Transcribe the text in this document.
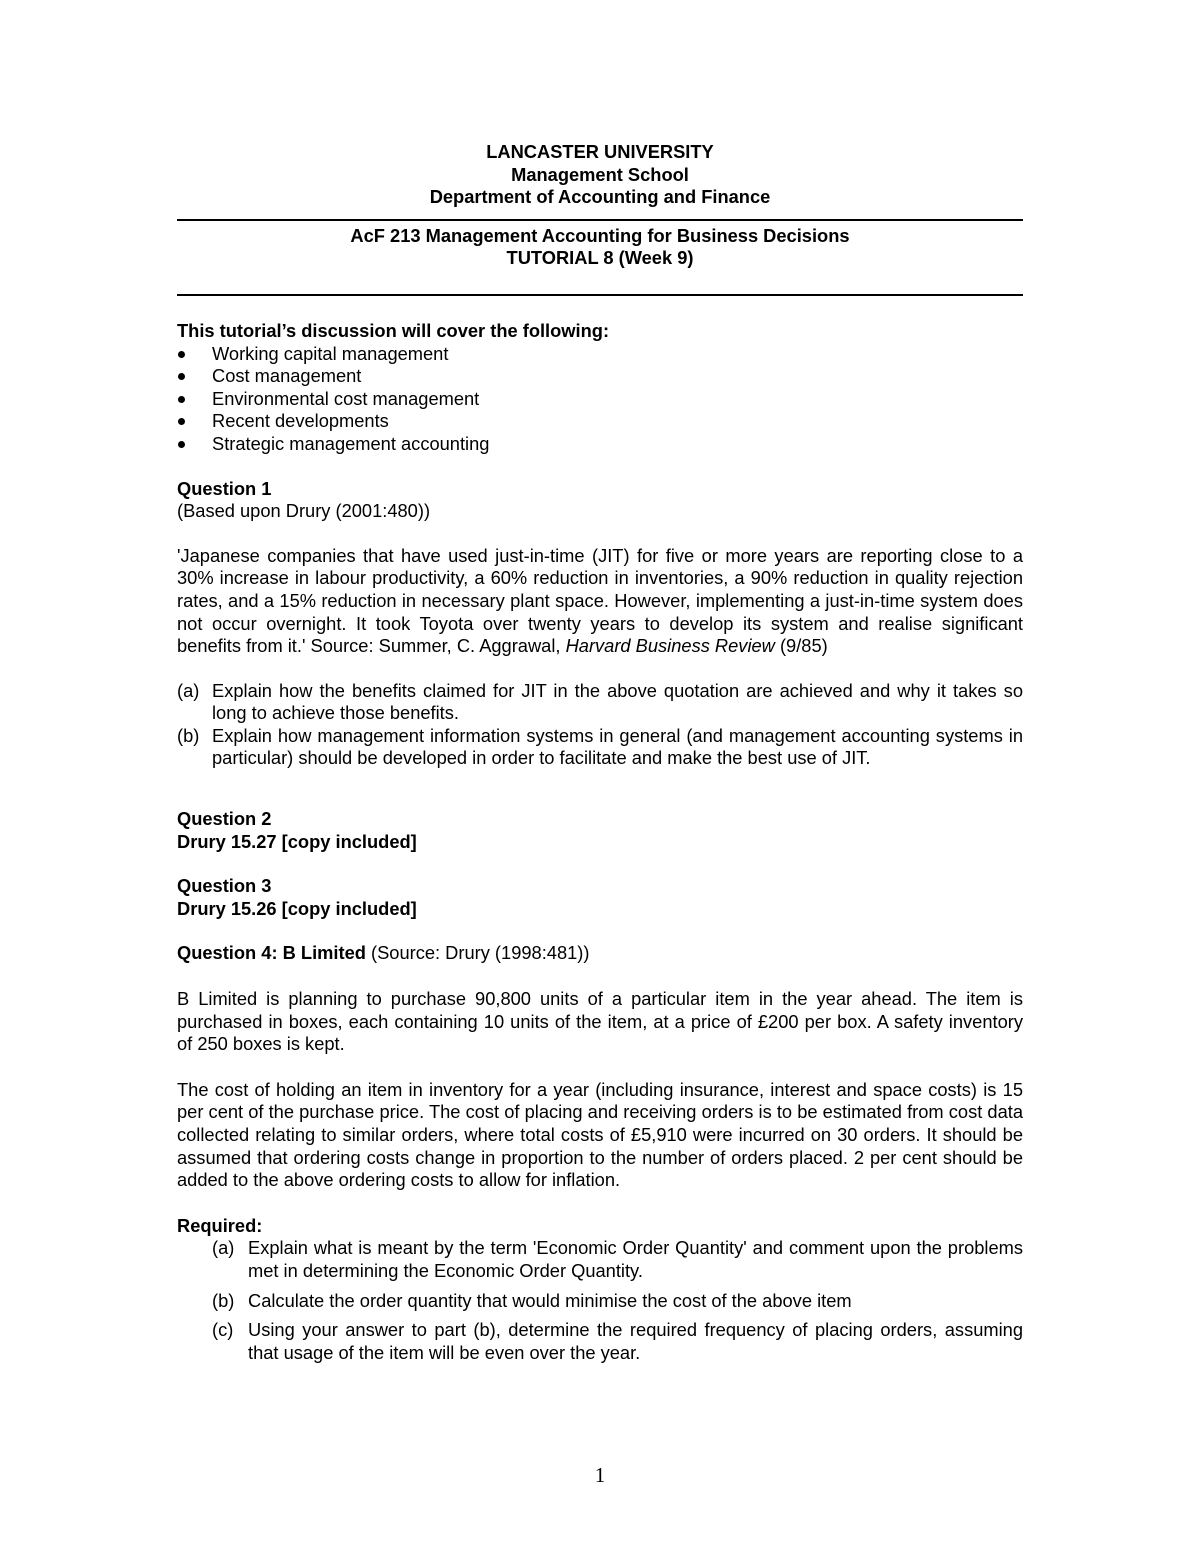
LANCASTER UNIVERSITY
Management School
Department of Accounting and Finance
AcF 213 Management Accounting for Business Decisions
TUTORIAL 8 (Week 9)
This tutorial’s discussion will cover the following:
Working capital management
Cost management
Environmental cost management
Recent developments
Strategic management accounting
Question 1
(Based upon Drury (2001:480))
'Japanese companies that have used just-in-time (JIT) for five or more years are reporting close to a 30% increase in labour productivity, a 60% reduction in inventories, a 90% reduction in quality rejection rates, and a 15% reduction in necessary plant space. However, implementing a just-in-time system does not occur overnight. It took Toyota over twenty years to develop its system and realise significant benefits from it.' Source: Summer, C. Aggrawal, Harvard Business Review (9/85)
(a) Explain how the benefits claimed for JIT in the above quotation are achieved and why it takes so long to achieve those benefits.
(b) Explain how management information systems in general (and management accounting systems in particular) should be developed in order to facilitate and make the best use of JIT.
Question 2
Drury 15.27 [copy included]
Question 3
Drury 15.26 [copy included]
Question 4: B Limited (Source: Drury (1998:481))
B Limited is planning to purchase 90,800 units of a particular item in the year ahead. The item is purchased in boxes, each containing 10 units of the item, at a price of £200 per box. A safety inventory of 250 boxes is kept.
The cost of holding an item in inventory for a year (including insurance, interest and space costs) is 15 per cent of the purchase price. The cost of placing and receiving orders is to be estimated from cost data collected relating to similar orders, where total costs of £5,910 were incurred on 30 orders. It should be assumed that ordering costs change in proportion to the number of orders placed. 2 per cent should be added to the above ordering costs to allow for inflation.
Required:
(a) Explain what is meant by the term 'Economic Order Quantity' and comment upon the problems met in determining the Economic Order Quantity.
(b) Calculate the order quantity that would minimise the cost of the above item
(c) Using your answer to part (b), determine the required frequency of placing orders, assuming that usage of the item will be even over the year.
1
